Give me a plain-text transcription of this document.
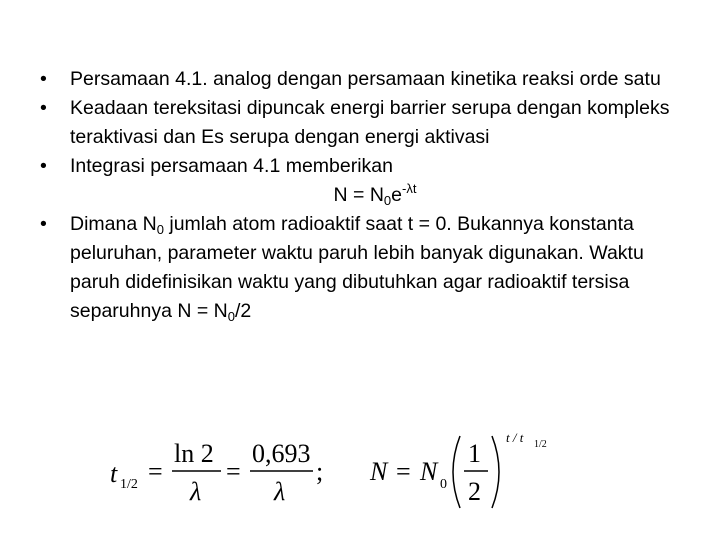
•	Persamaan 4.1. analog dengan persamaan kinetika reaksi orde satu
•	Keadaan tereksitasi dipuncak energi barrier serupa dengan kompleks teraktivasi dan Es serupa dengan energi aktivasi
•	Integrasi persamaan 4.1 memberikan
$N = N_0e^{-\lambda t}$
•	Dimana $N_0$ jumlah atom radioaktif saat t = 0. Bukannya konstanta peluruhan, parameter waktu paruh lebih banyak digunakan. Waktu paruh didefinisikan waktu yang dibutuhkan agar radioaktif tersisa separuhnya $N = N_0/2$
t 1/2 =
ln 2
λ
=
0,693
λ
; N = N 0
1
2
t / t 1/2
